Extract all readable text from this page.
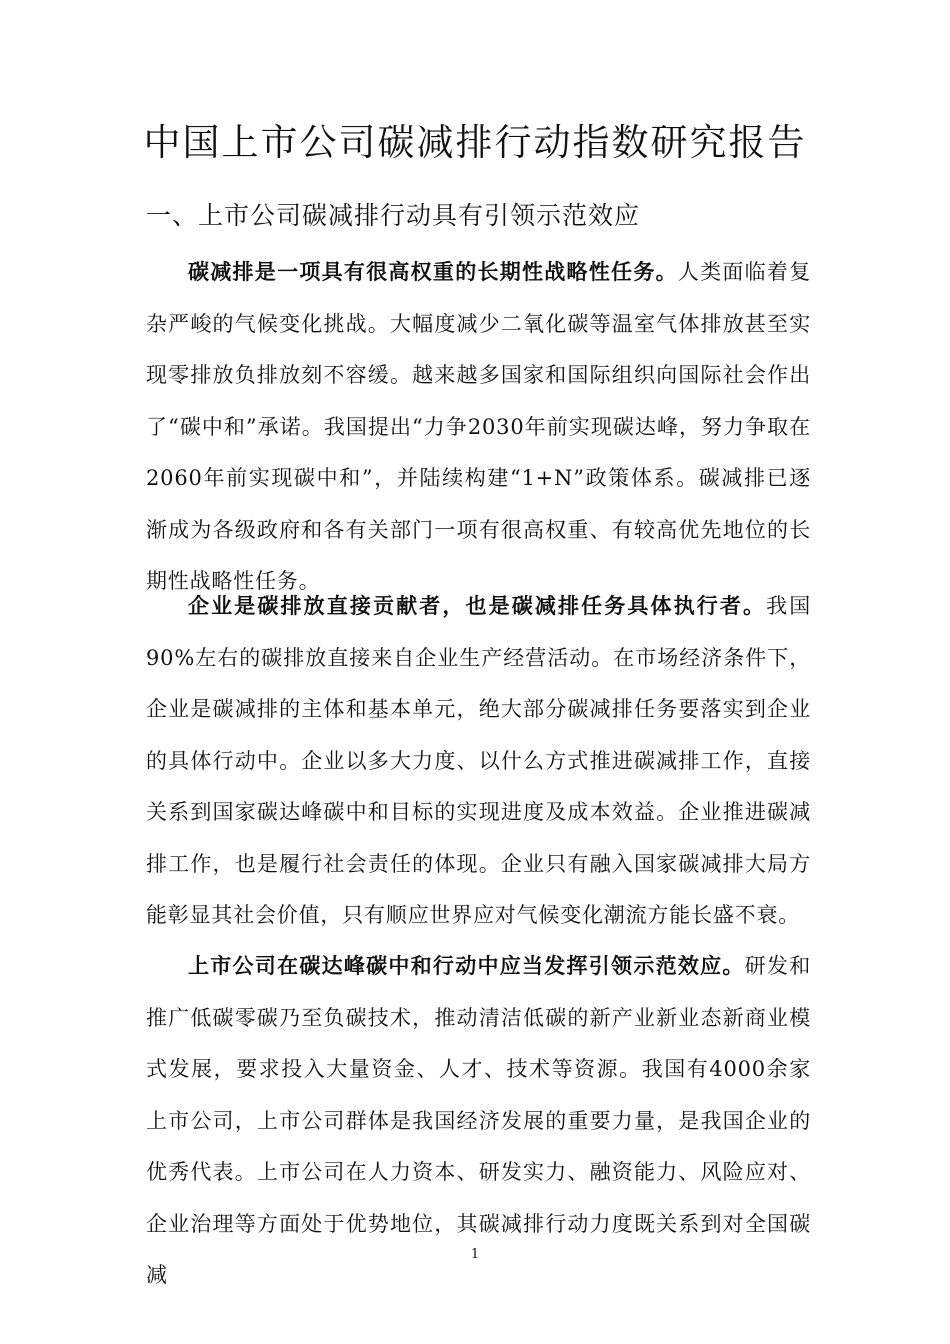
中国上市公司碳减排行动指数研究报告
一、上市公司碳减排行动具有引领示范效应

碳减排是一项具有很高权重的长期性战略性任务。人类面临着复杂严峻的气候变化挑战。大幅度减少二氧化碳等温室气体排放甚至实现零排放负排放刻不容缓。越来越多国家和国际组织向国际社会作出了“碳中和”承诺。我国提出“力争2030年前实现碳达峰，努力争取在2060年前实现碳中和”，并陆续构建“1+N”政策体系。碳减排已逐渐成为各级政府和各有关部门一项有很高权重、有较高优先地位的长期性战略性任务。

企业是碳排放直接贡献者，也是碳减排任务具体执行者。我国90%左右的碳排放直接来自企业生产经营活动。在市场经济条件下，企业是碳减排的主体和基本单元，绝大部分碳减排任务要落实到企业的具体行动中。企业以多大力度、以什么方式推进碳减排工作，直接关系到国家碳达峰碳中和目标的实现进度及成本效益。企业推进碳减排工作，也是履行社会责任的体现。企业只有融入国家碳减排大局方能彰显其社会价值，只有顺应世界应对气候变化潮流方能长盛不衰。

上市公司在碳达峰碳中和行动中应当发挥引领示范效应。研发和推广低碳零碳乃至负碳技术，推动清洁低碳的新产业新业态新商业模式发展，要求投入大量资金、人才、技术等资源。我国有4000余家上市公司，上市公司群体是我国经济发展的重要力量，是我国企业的优秀代表。上市公司在人力资本、研发实力、融资能力、风险应对、企业治理等方面处于优势地位，其碳减排行动力度既关系到对全国碳减

1
